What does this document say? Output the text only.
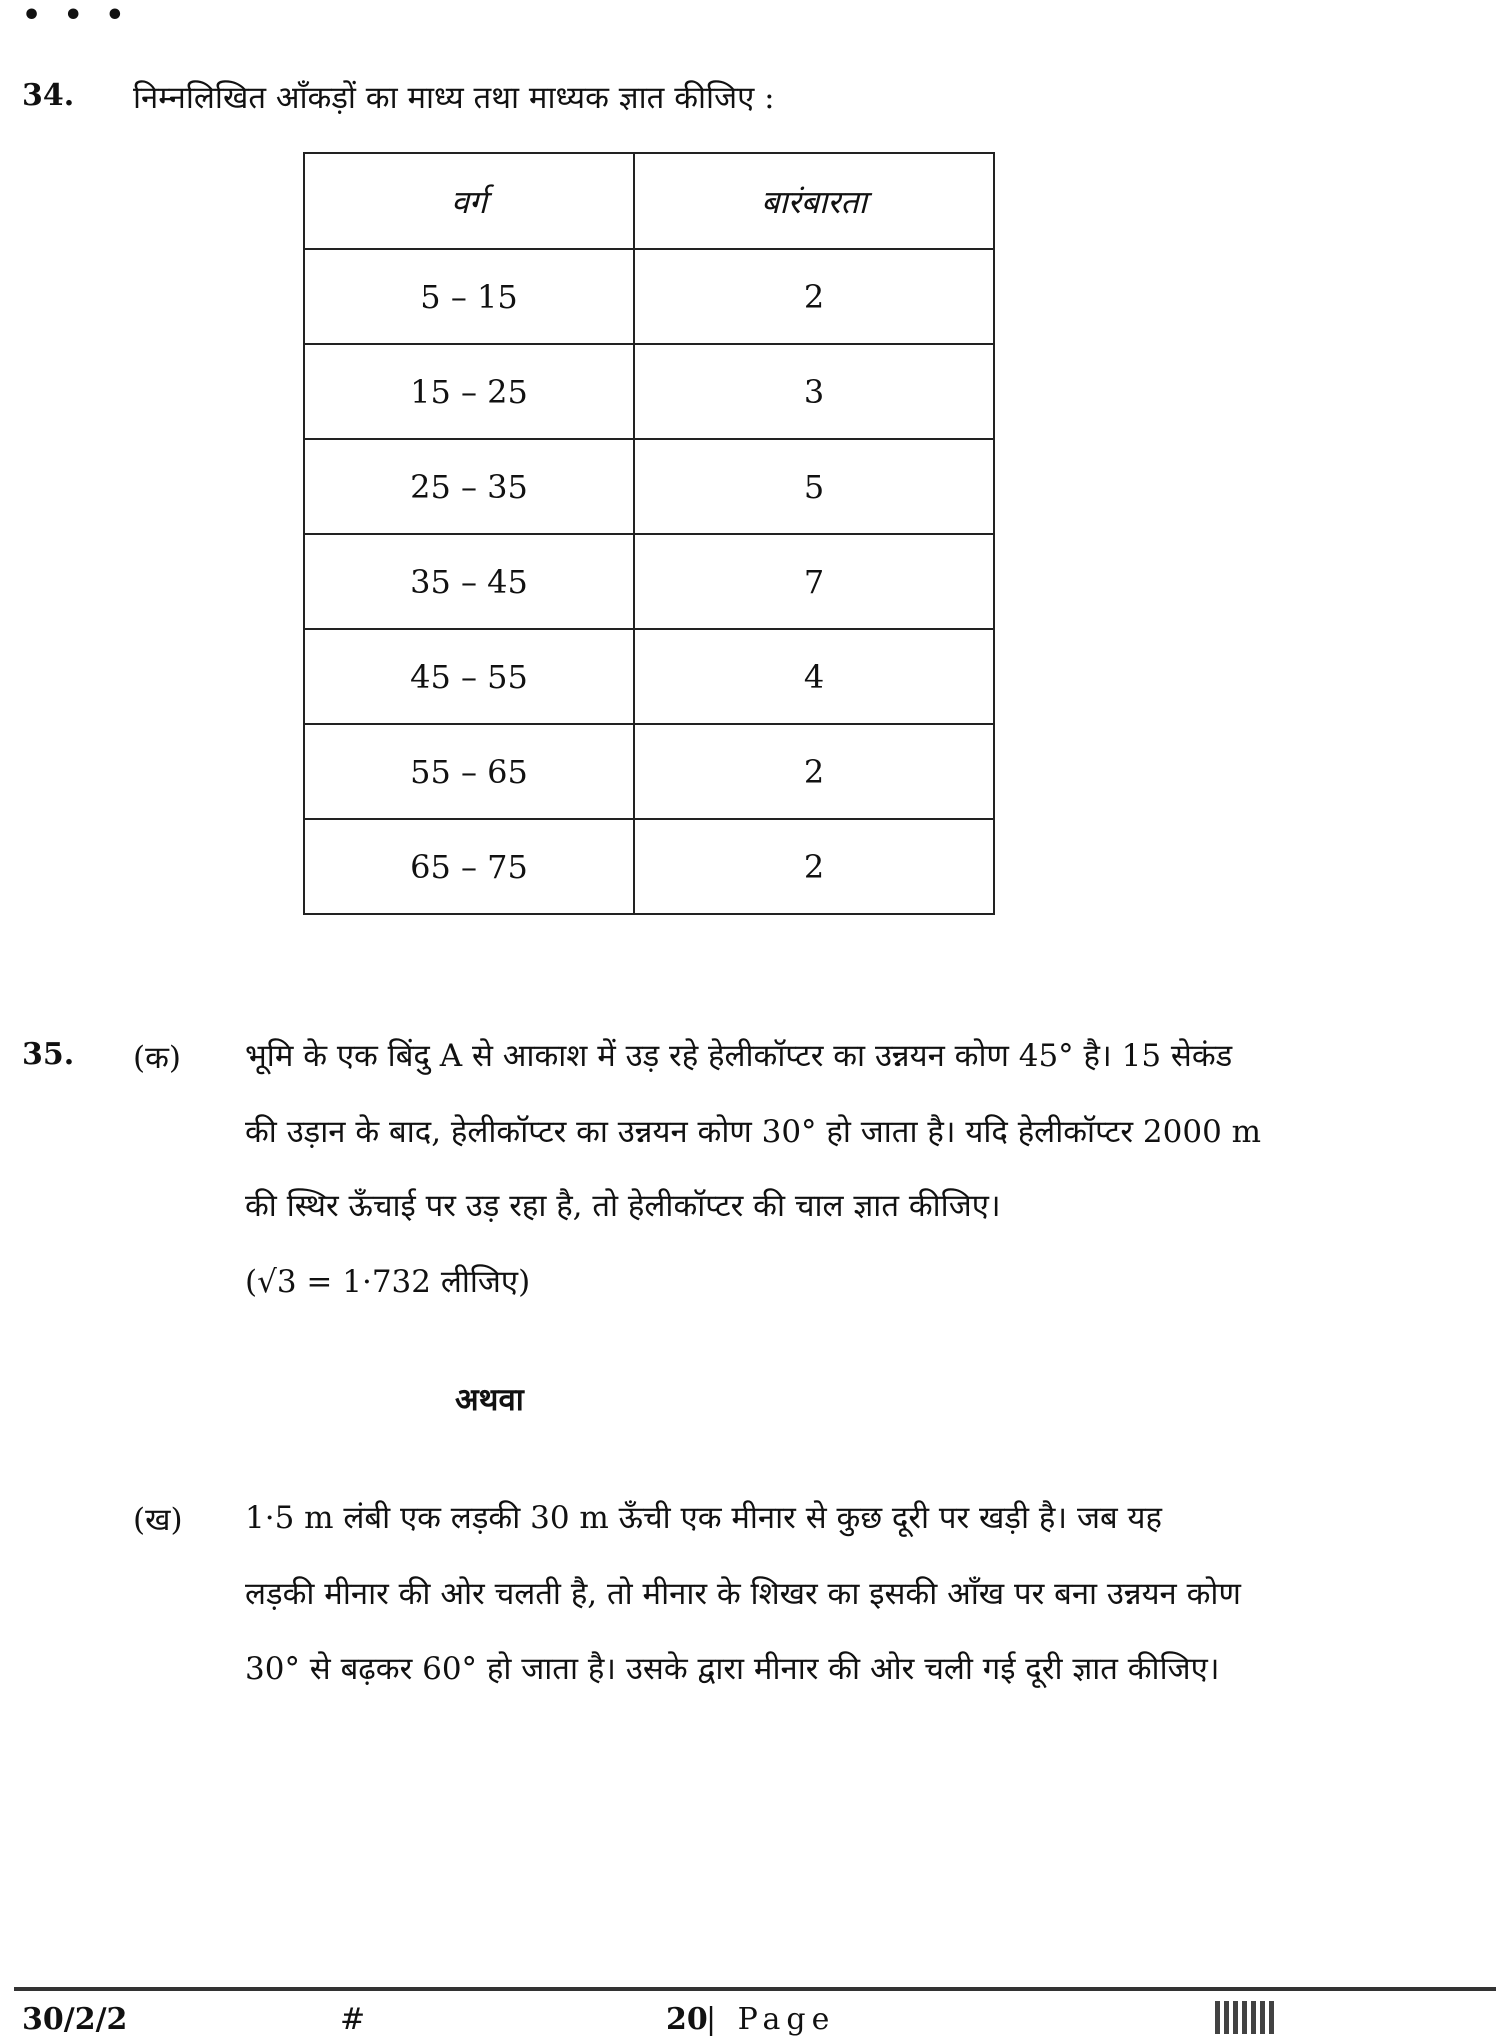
• • •
34. निम्नलिखित आँकड़ों का माध्य तथा माध्यक ज्ञात कीजिए :
वर्ग	बारंबारता
5 – 15	2
15 – 25	3
25 – 35	5
35 – 45	7
45 – 55	4
55 – 65	2
65 – 75	2
35. (क) भूमि के एक बिंदु A से आकाश में उड़ रहे हेलीकॉप्टर का उन्नयन कोण 45° है। 15 सेकंड
की उड़ान के बाद, हेलीकॉप्टर का उन्नयन कोण 30° हो जाता है। यदि हेलीकॉप्टर 2000 m
की स्थिर ऊँचाई पर उड़ रहा है, तो हेलीकॉप्टर की चाल ज्ञात कीजिए।
(√3 = 1·732 लीजिए)
अथवा
(ख) 1·5 m लंबी एक लड़की 30 m ऊँची एक मीनार से कुछ दूरी पर खड़ी है। जब यह
लड़की मीनार की ओर चलती है, तो मीनार के शिखर का इसकी आँख पर बना उन्नयन कोण
30° से बढ़कर 60° हो जाता है। उसके द्वारा मीनार की ओर चली गई दूरी ज्ञात कीजिए।
30/2/2	#	20
| Page
